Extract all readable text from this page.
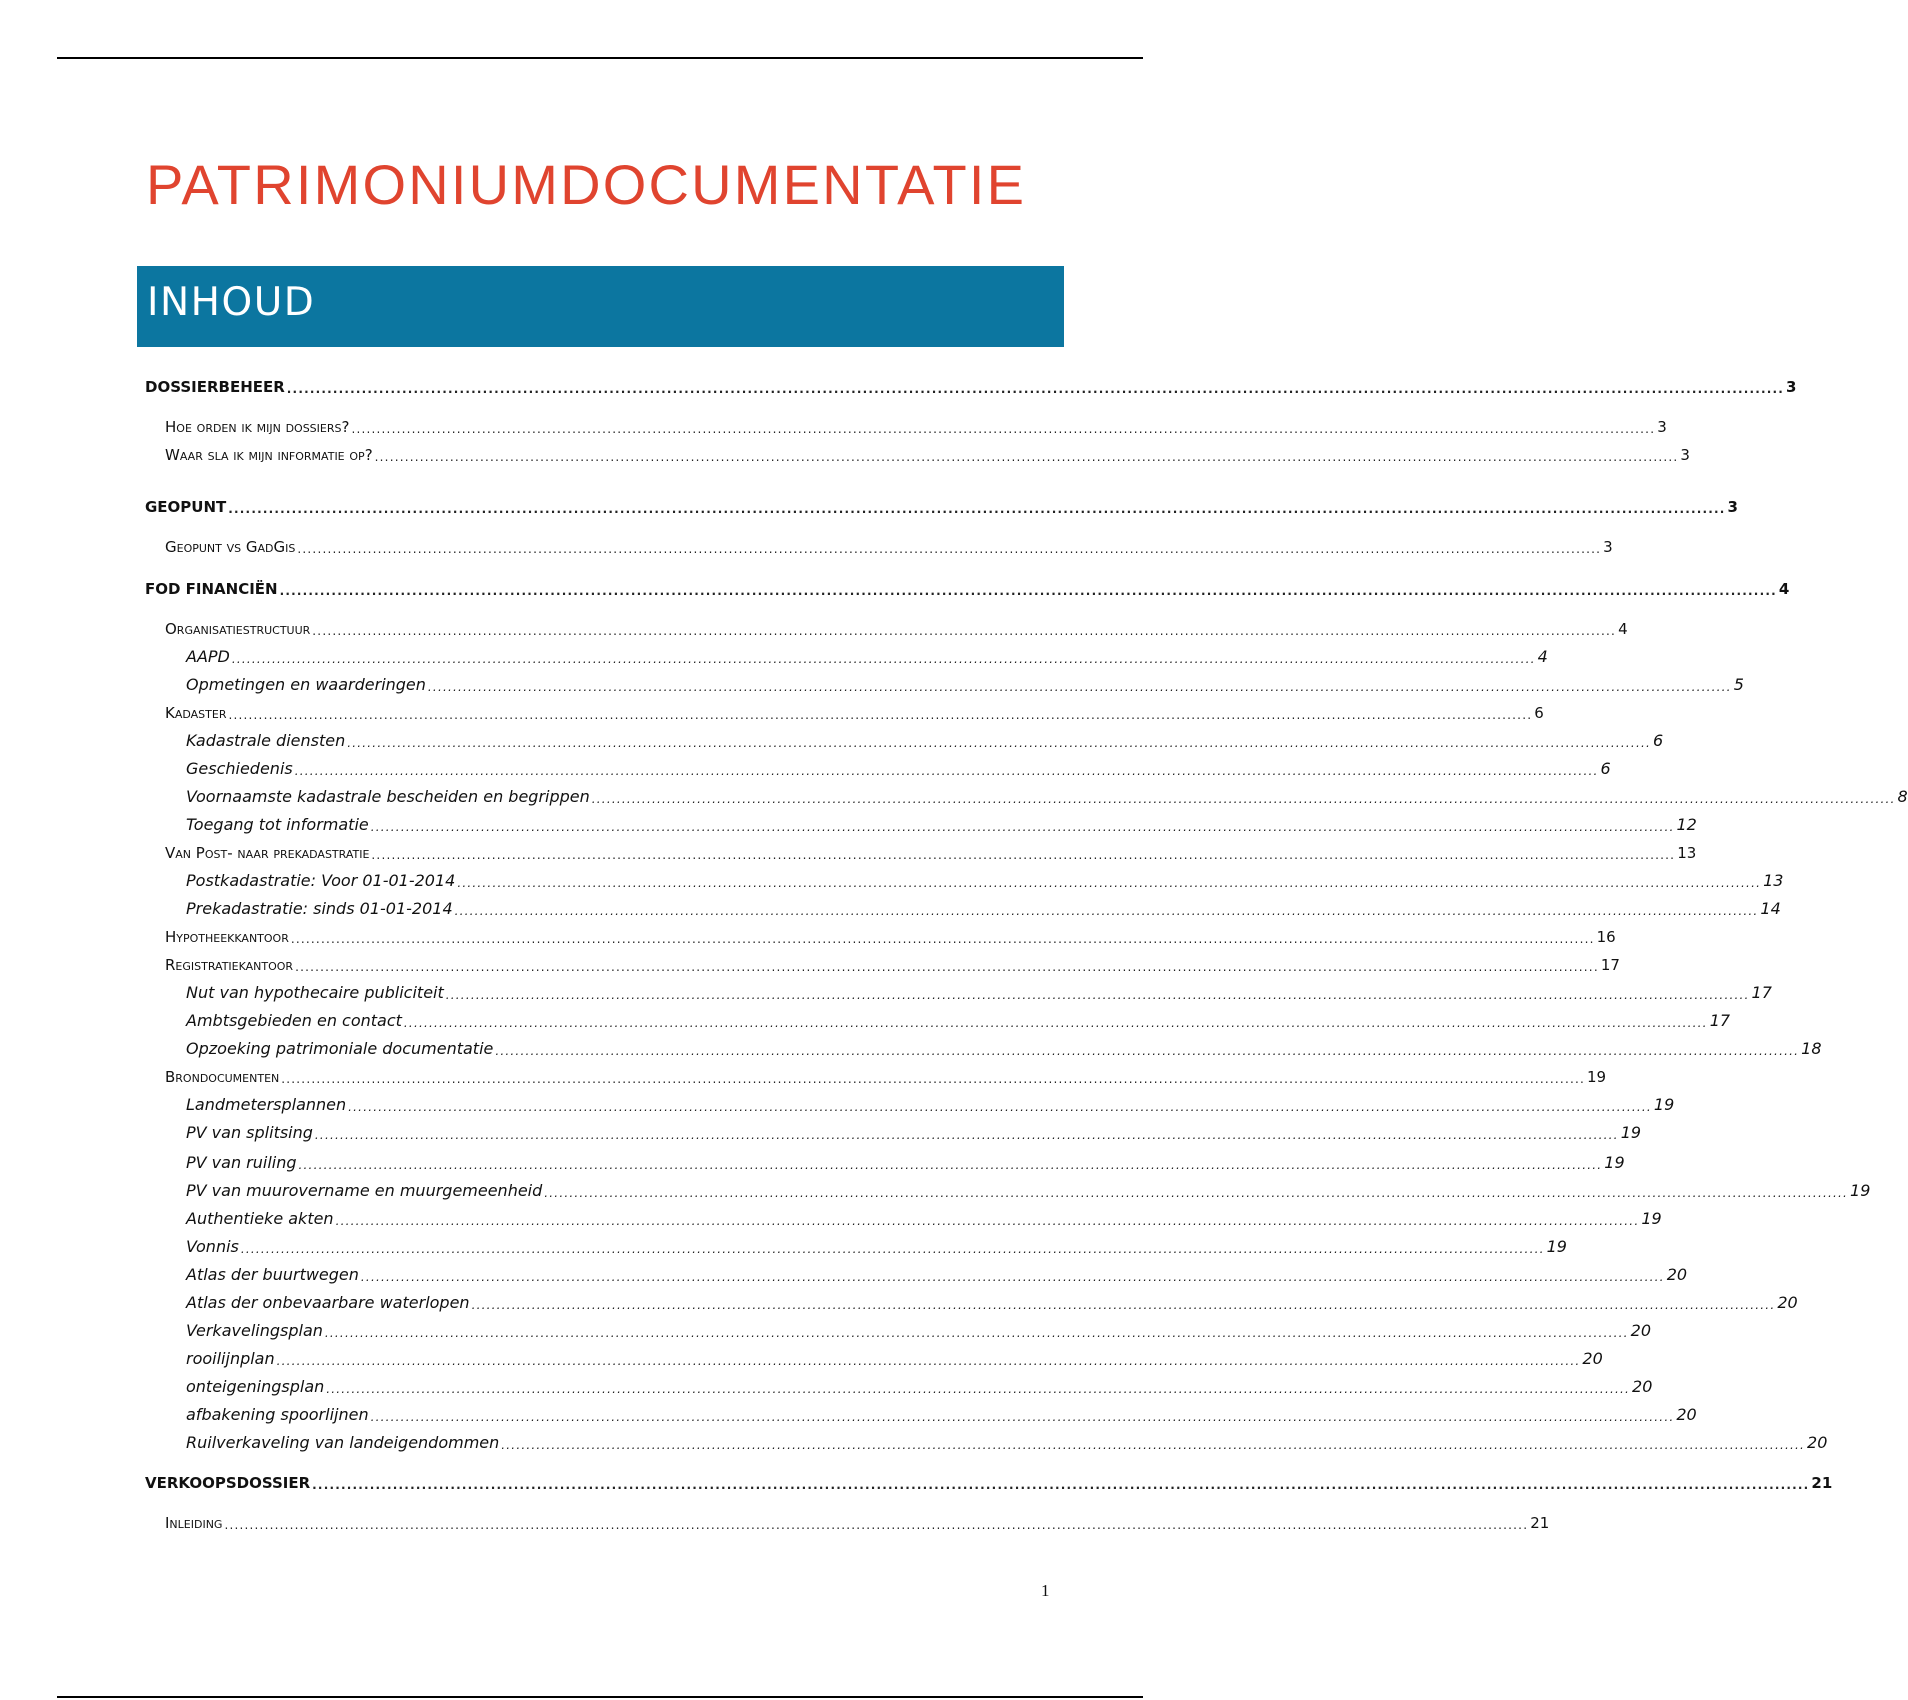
PATRIMONIUMDOCUMENTATIE
INHOUD
DOSSIERBEHEER .................................................................................................................................................................................................................................................................... 3
Hoe orden ik mijn dossiers? .................................................................................................................................................................................................................................................................... 3
Waar sla ik mijn informatie op? .................................................................................................................................................................................................................................................................... 3
GEOPUNT .................................................................................................................................................................................................................................................................... 3
Geopunt vs GadGis .................................................................................................................................................................................................................................................................... 3
FOD FINANCIËN .................................................................................................................................................................................................................................................................... 4
Organisatiestructuur .................................................................................................................................................................................................................................................................... 4
AAPD .................................................................................................................................................................................................................................................................... 4
Opmetingen en waarderingen .................................................................................................................................................................................................................................................................... 5
Kadaster .................................................................................................................................................................................................................................................................... 6
Kadastrale diensten .................................................................................................................................................................................................................................................................... 6
Geschiedenis .................................................................................................................................................................................................................................................................... 6
Voornaamste kadastrale bescheiden en begrippen .................................................................................................................................................................................................................................................................... 8
Toegang tot informatie .................................................................................................................................................................................................................................................................... 12
Van Post- naar prekadastratie .................................................................................................................................................................................................................................................................... 13
Postkadastratie: Voor 01-01-2014 .................................................................................................................................................................................................................................................................... 13
Prekadastratie: sinds 01-01-2014 .................................................................................................................................................................................................................................................................... 14
Hypotheekkantoor .................................................................................................................................................................................................................................................................... 16
Registratiekantoor .................................................................................................................................................................................................................................................................... 17
Nut van hypothecaire publiciteit .................................................................................................................................................................................................................................................................... 17
Ambtsgebieden en contact .................................................................................................................................................................................................................................................................... 17
Opzoeking patrimoniale documentatie .................................................................................................................................................................................................................................................................... 18
Brondocumenten .................................................................................................................................................................................................................................................................... 19
Landmetersplannen .................................................................................................................................................................................................................................................................... 19
PV van splitsing .................................................................................................................................................................................................................................................................... 19
PV van ruiling .................................................................................................................................................................................................................................................................... 19
PV van muurovername en muurgemeenheid .................................................................................................................................................................................................................................................................... 19
Authentieke akten .................................................................................................................................................................................................................................................................... 19
Vonnis .................................................................................................................................................................................................................................................................... 19
Atlas der buurtwegen .................................................................................................................................................................................................................................................................... 20
Atlas der onbevaarbare waterlopen .................................................................................................................................................................................................................................................................... 20
Verkavelingsplan .................................................................................................................................................................................................................................................................... 20
rooilijnplan .................................................................................................................................................................................................................................................................... 20
onteigeningsplan .................................................................................................................................................................................................................................................................... 20
afbakening spoorlijnen .................................................................................................................................................................................................................................................................... 20
Ruilverkaveling van landeigendommen .................................................................................................................................................................................................................................................................... 20
VERKOOPSDOSSIER .................................................................................................................................................................................................................................................................... 21
Inleiding .................................................................................................................................................................................................................................................................... 21
1
